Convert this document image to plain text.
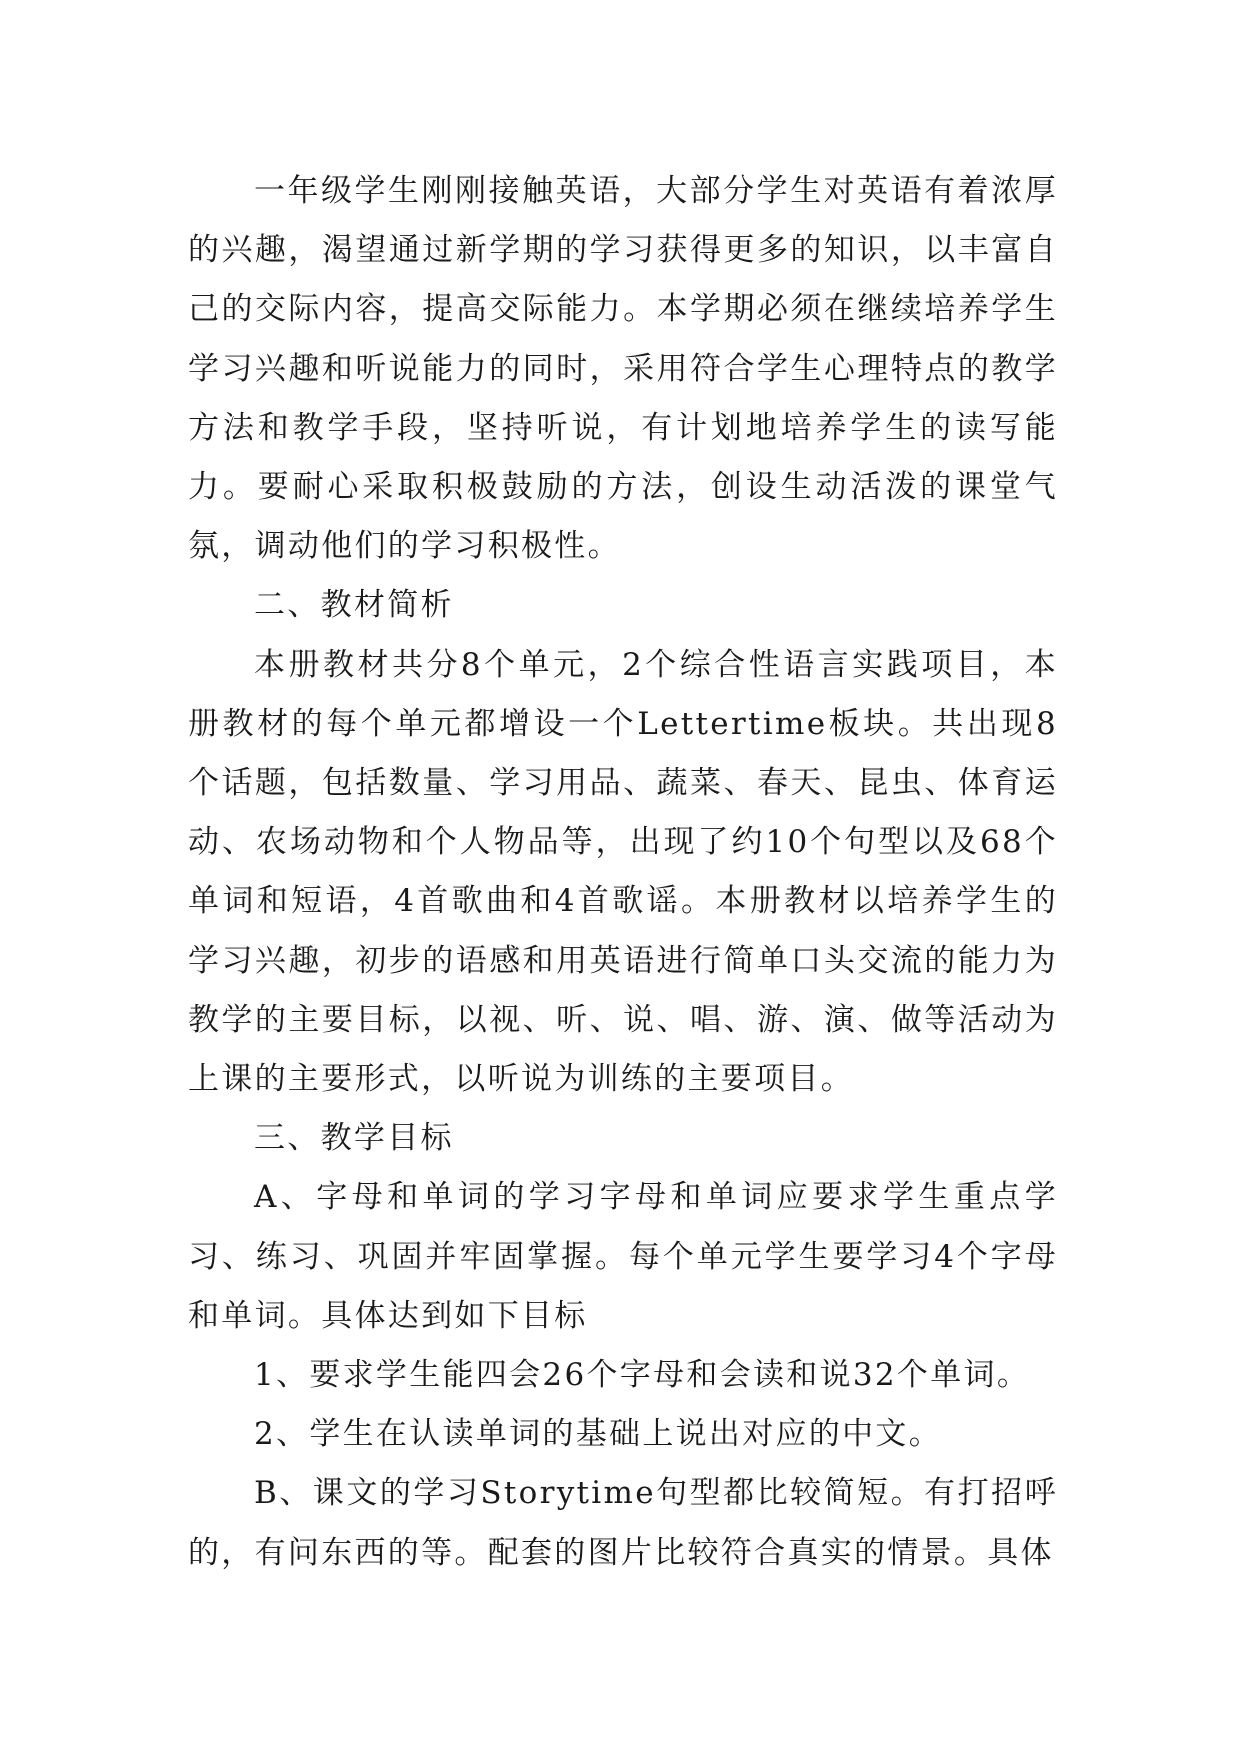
一年级学生刚刚接触英语，大部分学生对英语有着浓厚的兴趣，渴望通过新学期的学习获得更多的知识，以丰富自己的交际内容，提高交际能力。本学期必须在继续培养学生学习兴趣和听说能力的同时，采用符合学生心理特点的教学方法和教学手段，坚持听说，有计划地培养学生的读写能力。要耐心采取积极鼓励的方法，创设生动活泼的课堂气氛，调动他们的学习积极性。

二、教材简析

本册教材共分8个单元，2个综合性语言实践项目，本册教材的每个单元都增设一个Lettertime板块。共出现8个话题，包括数量、学习用品、蔬菜、春天、昆虫、体育运动、农场动物和个人物品等，出现了约10个句型以及68个单词和短语，4首歌曲和4首歌谣。本册教材以培养学生的学习兴趣，初步的语感和用英语进行简单口头交流的能力为教学的主要目标，以视、听、说、唱、游、演、做等活动为上课的主要形式，以听说为训练的主要项目。

三、教学目标

A、字母和单词的学习字母和单词应要求学生重点学习、练习、巩固并牢固掌握。每个单元学生要学习4个字母和单词。具体达到如下目标

1、要求学生能四会26个字母和会读和说32个单词。

2、学生在认读单词的基础上说出对应的中文。

B、课文的学习Storytime句型都比较简短。有打招呼的，有问东西的等。配套的图片比较符合真实的情景。具体
